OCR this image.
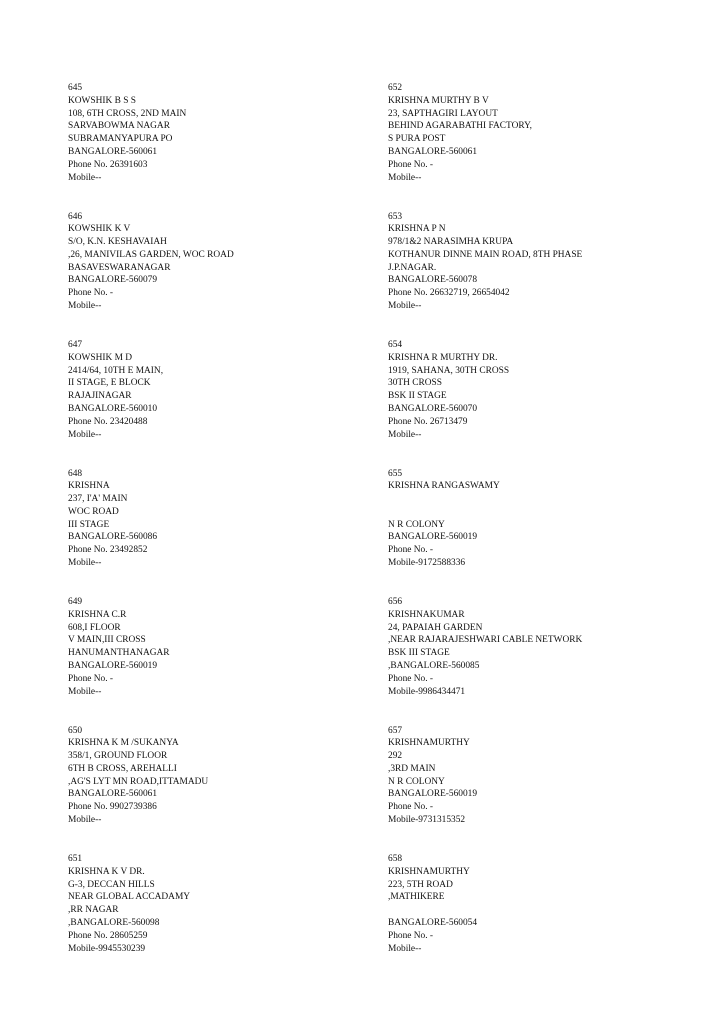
645
KOWSHIK B S S
108, 6TH CROSS, 2ND MAIN
SARVABOWMA NAGAR
SUBRAMANYAPURA PO
BANGALORE-560061
Phone No. 26391603
Mobile--
646
KOWSHIK K V
S/O, K.N. KESHAVAIAH
,26, MANIVILAS GARDEN, WOC ROAD
BASAVESWARANAGAR
BANGALORE-560079
Phone No. -
Mobile--
647
KOWSHIK M D
2414/64, 10TH E MAIN,
II STAGE, E BLOCK
RAJAJINAGAR
BANGALORE-560010
Phone No. 23420488
Mobile--
648
KRISHNA
237, I'A' MAIN
WOC ROAD
III STAGE
BANGALORE-560086
Phone No. 23492852
Mobile--
649
KRISHNA C.R
608,I FLOOR
V MAIN,III CROSS
HANUMANTHANAGAR
BANGALORE-560019
Phone No. -
Mobile--
650
KRISHNA K M /SUKANYA
358/1, GROUND FLOOR
6TH B CROSS, AREHALLI
,AG'S LYT MN ROAD,ITTAMADU
BANGALORE-560061
Phone No. 9902739386
Mobile--
651
KRISHNA K V DR.
G-3, DECCAN HILLS
NEAR GLOBAL ACCADAMY
,RR NAGAR
,BANGALORE-560098
Phone No. 28605259
Mobile-9945530239
652
KRISHNA MURTHY B V
23, SAPTHAGIRI LAYOUT
BEHIND AGARABATHI FACTORY,
S PURA POST
BANGALORE-560061
Phone No. -
Mobile--
653
KRISHNA P N
978/1&2 NARASIMHA KRUPA
KOTHANUR DINNE MAIN ROAD, 8TH PHASE
J.P.NAGAR.
BANGALORE-560078
Phone No. 26632719, 26654042
Mobile--
654
KRISHNA R MURTHY DR.
1919, SAHANA, 30TH CROSS
30TH CROSS
BSK II STAGE
BANGALORE-560070
Phone No. 26713479
Mobile--
655
KRISHNA RANGASWAMY
N R COLONY
BANGALORE-560019
Phone No. -
Mobile-9172588336
656
KRISHNAKUMAR
24, PAPAIAH GARDEN
,NEAR RAJARAJESHWARI CABLE NETWORK
BSK III STAGE
,BANGALORE-560085
Phone No. -
Mobile-9986434471
657
KRISHNAMURTHY
292
,3RD MAIN
N R COLONY
BANGALORE-560019
Phone No. -
Mobile-9731315352
658
KRISHNAMURTHY
223, 5TH ROAD
,MATHIKERE
BANGALORE-560054
Phone No. -
Mobile--
